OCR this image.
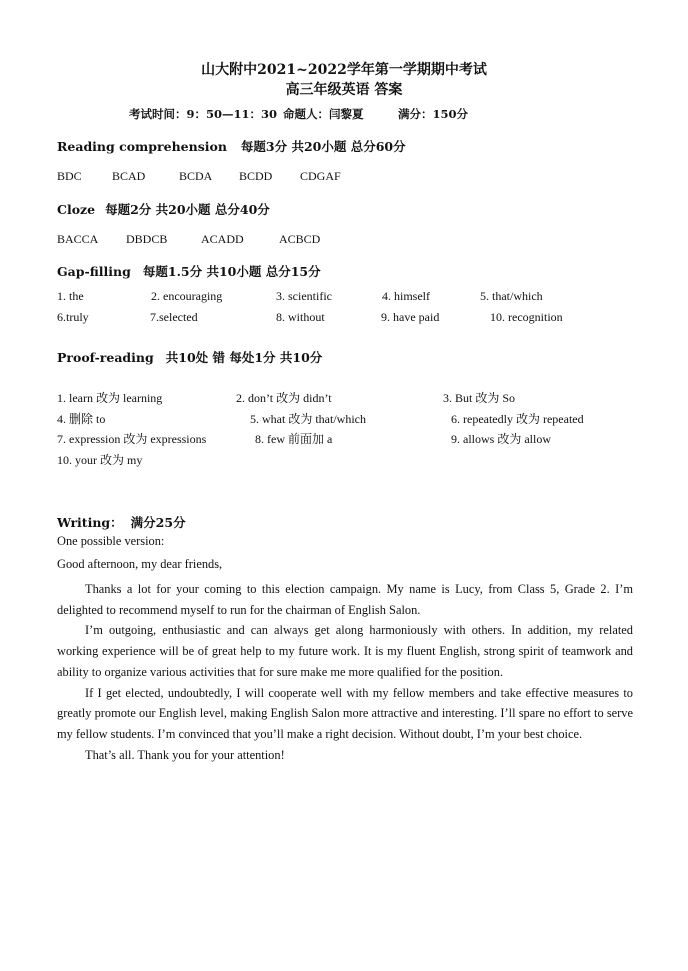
山大附中2021~2022学年第一学期期中考试
高三年级英语 答案
考试时间：9：50—11：30 命题人：闫黎夏	满分：150分
Reading comprehension 每题3分 共20小题 总分60分
BDC	BCAD	BCDA BCDD CDGAF
Cloze 每题2分 共20小题 总分40分
BACCA DBDCB	ACADD	ACBCD
Gap-filling 每题1.5分 共10小题 总分15分
1. the	2. encouraging	3. scientific	4. himself	5. that/which
6.truly	7.selected	8. without	9. have paid	10. recognition
Proof-reading 共10处 错 每处1分 共10分
1. learn 改为 learning	2. don’t 改为 didn’t	3. But 改为 So
4. 删除 to	5. what 改为 that/which	6. repeatedly 改为 repeated
7. expression 改为 expressions	8. few 前面加 a	9. allows 改为 allow
10. your 改为 my
Writing： 满分25分
One possible version:
Good afternoon, my dear friends,

Thanks a lot for your coming to this election campaign. My name is Lucy, from Class 5, Grade 2. I’m delighted to recommend myself to run for the chairman of English Salon.

I’m outgoing, enthusiastic and can always get along harmoniously with others. In addition, my related working experience will be of great help to my future work. It is my fluent English, strong spirit of teamwork and ability to organize various activities that for sure make me more qualified for the position.

If I get elected, undoubtedly, I will cooperate well with my fellow members and take effective measures to greatly promote our English level, making English Salon more attractive and interesting. I’ll spare no effort to serve my fellow students. I’m convinced that you’ll make a right decision. Without doubt, I’m your best choice.

That’s all. Thank you for your attention!
